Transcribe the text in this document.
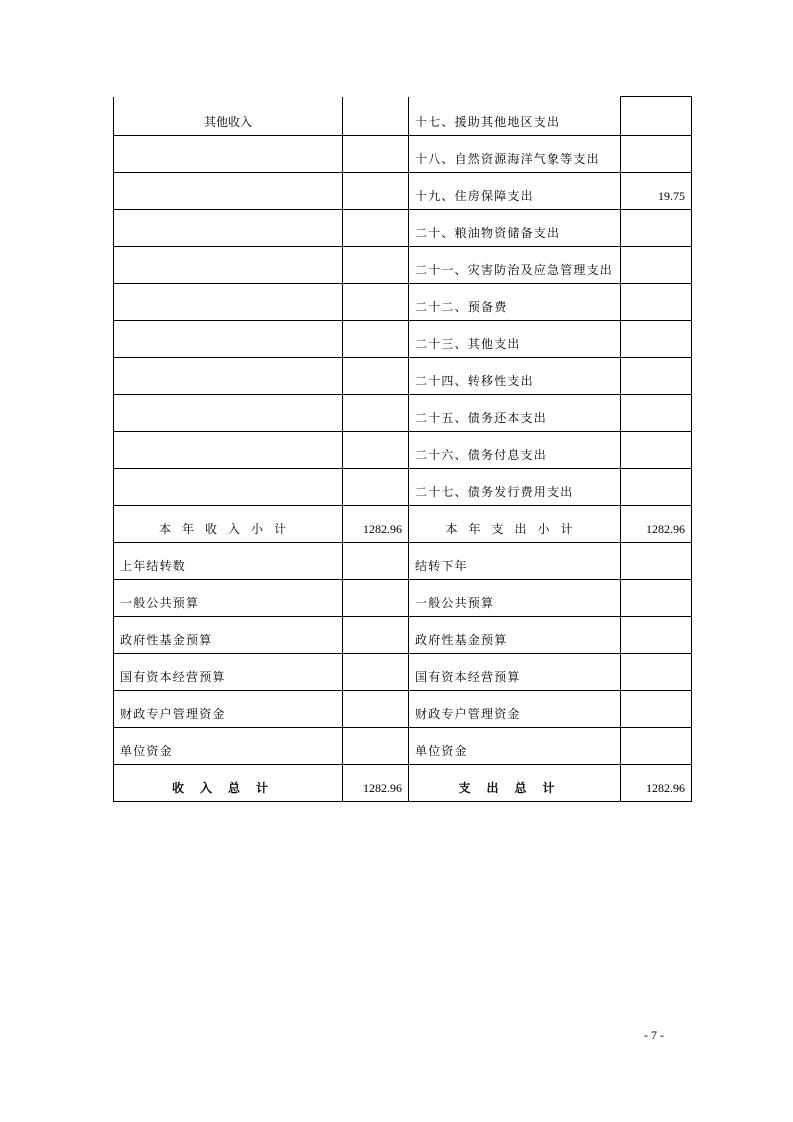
其他收入		十七、援助其他地区支出	
		十八、自然资源海洋气象等支出	
		十九、住房保障支出	19.75
		二十、粮油物资储备支出	
		二十一、灾害防治及应急管理支出	
		二十二、预备费	
		二十三、其他支出	
		二十四、转移性支出	
		二十五、债务还本支出	
		二十六、债务付息支出	
		二十七、债务发行费用支出	
本年收入小计	1282.96	本年支出小计	1282.96
上年结转数		结转下年	
一般公共预算		一般公共预算	
政府性基金预算		政府性基金预算	
国有资本经营预算		国有资本经营预算	
财政专户管理资金		财政专户管理资金	
单位资金		单位资金	
收入总计	1282.96	支出总计	1282.96
- 7 -
